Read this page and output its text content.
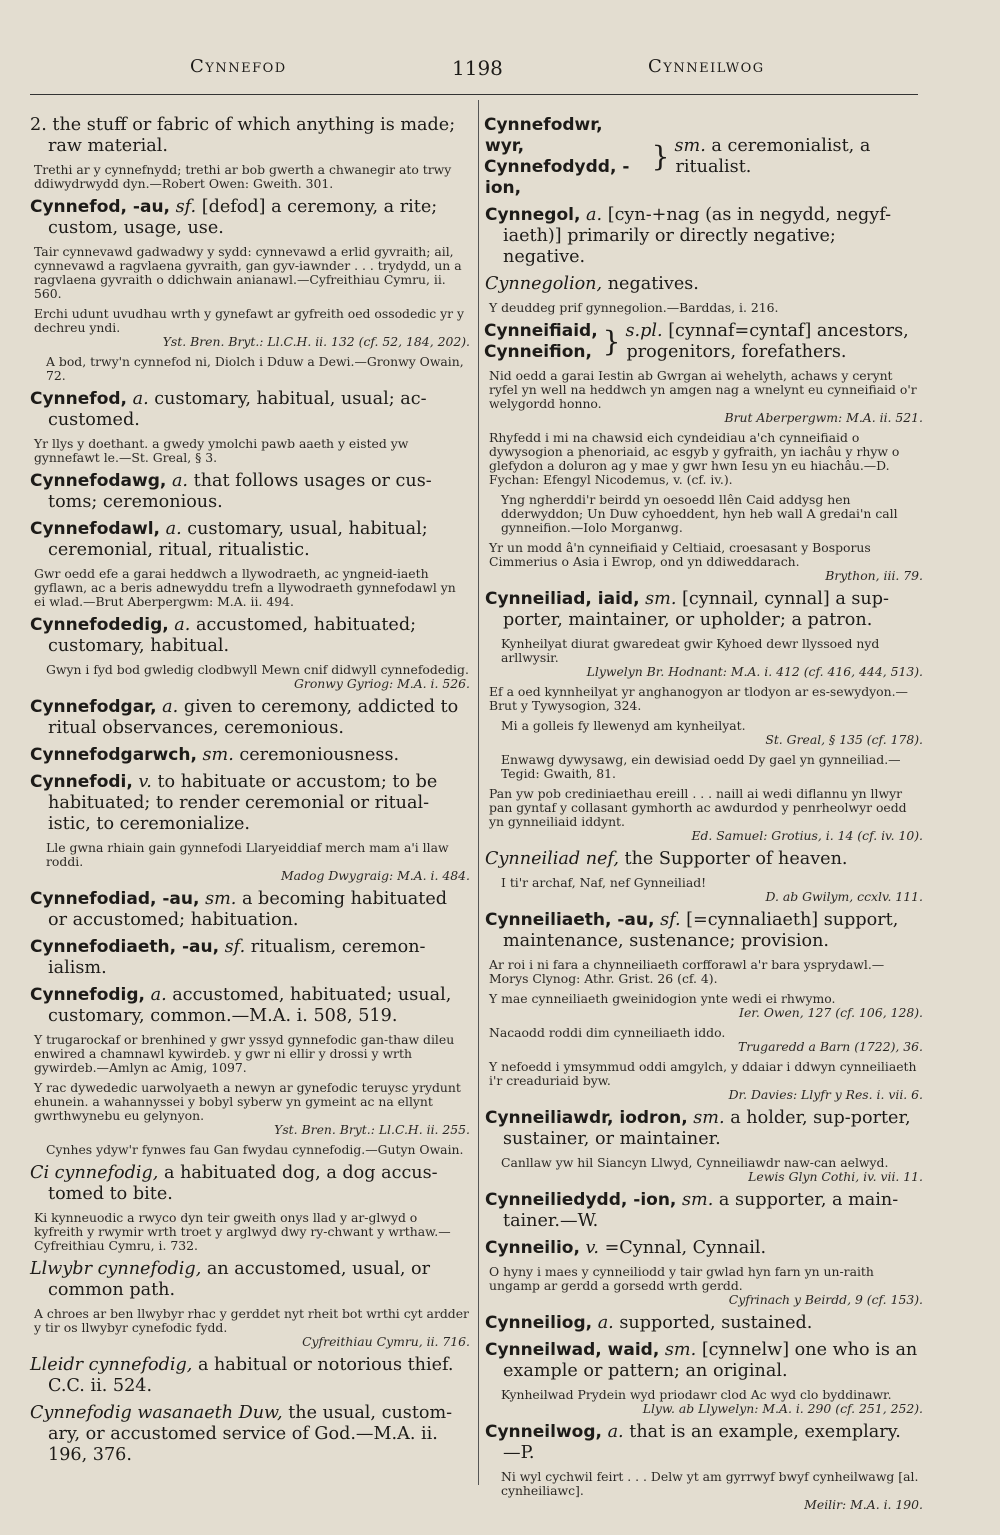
Cynnefod	1198	Cynneilwog
2. the stuff or fabric of which anything is made; raw material.
Trethi ar y cynnefnydd; trethi ar bob gwerth a chwanegir ato trwy ddiwydrwydd dyn.—Robert Owen: Gweith. 301.
Cynnefod, -au, sf. [defod] a ceremony, a rite; custom, usage, use.
Tair cynnevawd gadwadwy y sydd: cynnevawd a erlid gyvraith; ail, cynnevawd a ragvlaena gyvraith, gan gyv-iawnder . . . trydydd, un a ragvlaena gyvraith o ddichwain anianawl.—Cyfreithiau Cymru, ii. 560.
Erchi udunt uvudhau wrth y gynefawt ar gyfreith oed ossodedic yr y dechreu yndi.
Yst. Bren. Bryt.: Ll.C.H. ii. 132 (cf. 52, 184, 202).
A bod, trwy'n cynnefod ni, Diolch i Dduw a Dewi.—Gronwy Owain, 72.
Cynnefod, a. customary, habitual, usual; ac-customed.
Yr llys y doethant. a gwedy ymolchi pawb aaeth y eisted yw gynnefawt le.—St. Greal, § 3.
Cynnefodawg, a. that follows usages or cus-toms; ceremonious.
Cynnefodawl, a. customary, usual, habitual; ceremonial, ritual, ritualistic.
Gwr oedd efe a garai heddwch a llywodraeth, ac yngneid-iaeth gyflawn, ac a beris adnewyddu trefn a llywodraeth gynnefodawl yn ei wlad.—Brut Aberpergwm: M.A. ii. 494.
Cynnefodedig, a. accustomed, habituated; customary, habitual.
Gwyn i fyd bod gwledig clodbwyll Mewn cnif didwyll cynnefodedig.
Gronwy Gyriog: M.A. i. 526.
Cynnefodgar, a. given to ceremony, addicted to ritual observances, ceremonious.
Cynnefodgarwch, sm. ceremoniousness.
Cynnefodi, v. to habituate or accustom; to be habituated; to render ceremonial or ritual-istic, to ceremonialize.
Lle gwna rhiain gain gynnefodi Llaryeiddiaf merch mam a'i llaw roddi.
Madog Dwygraig: M.A. i. 484.
Cynnefodiad, -au, sm. a becoming habituated or accustomed; habituation.
Cynnefodiaeth, -au, sf. ritualism, ceremon-ialism.
Cynnefodig, a. accustomed, habituated; usual, customary, common.—M.A. i. 508, 519.
Y trugarockaf or brenhined y gwr yssyd gynnefodic gan-thaw dileu enwired a chamnawl kywirdeb. y gwr ni ellir y drossi y wrth gywirdeb.—Amlyn ac Amig, 1097.
Y rac dywededic uarwolyaeth a newyn ar gynefodic teruysc yrydunt ehunein. a wahannyssei y bobyl syberw yn gymeint ac na ellynt gwrthwynebu eu gelynyon.
Yst. Bren. Bryt.: Ll.C.H. ii. 255.
Cynhes ydyw'r fynwes fau Gan fwydau cynnefodig.—Gutyn Owain.
Ci cynnefodig, a habituated dog, a dog accus-tomed to bite.
Ki kynneuodic a rwyco dyn teir gweith onys llad y ar-glwyd o kyfreith y rwymir wrth troet y arglwyd dwy ry-chwant y wrthaw.—Cyfreithiau Cymru, i. 732.
Llwybr cynnefodig, an accustomed, usual, or common path.
A chroes ar ben llwybyr rhac y gerddet nyt rheit bot wrthi cyt ardder y tir os llwybyr cynefodic fydd.
Cyfreithiau Cymru, ii. 716.
Lleidr cynnefodig, a habitual or notorious thief. C.C. ii. 524.
Cynnefodig wasanaeth Duw, the usual, custom-ary, or accustomed service of God.—M.A. ii. 196, 376.
Cynnefodwr, wyr,
Cynnefodydd, -ion,
} sm. a ceremonialist, a ritualist.
Cynnegol, a. [cyn-+nag (as in negydd, negyf-iaeth)] primarily or directly negative; negative.
Cynnegolion, negatives.
Y deuddeg prif gynnegolion.—Barddas, i. 216.
Cynneifiaid,
Cynneifion, } s.pl. [cynnaf=cyntaf] ancestors, progenitors, forefathers.
Nid oedd a garai Iestin ab Gwrgan ai wehelyth, achaws y cerynt ryfel yn well na heddwch yn amgen nag a wnelynt eu cynneifiaid o'r welygordd honno.
Brut Aberpergwm: M.A. ii. 521.
Rhyfedd i mi na chawsid eich cyndeidiau a'ch cynneifiaid o dywysogion a phenoriaid, ac esgyb y gyfraith, yn iachâu y rhyw o glefydon a doluron ag y mae y gwr hwn Iesu yn eu hiachâu.—D. Fychan: Efengyl Nicodemus, v. (cf. iv.).
Yng ngherddi'r beirdd yn oesoedd llên Caid addysg hen dderwyddon; Un Duw cyhoeddent, hyn heb wall A gredai'n call gynneifion.—Iolo Morganwg.
Yr un modd â'n cynneifiaid y Celtiaid, croesasant y Bosporus Cimmerius o Asia i Ewrop, ond yn ddiweddarach.
Brython, iii. 79.
Cynneiliad, iaid, sm. [cynnail, cynnal] a sup-porter, maintainer, or upholder; a patron.
Kynheilyat diurat gwaredeat gwir Kyhoed dewr llyssoed nyd arllwysir.
Llywelyn Br. Hodnant: M.A. i. 412 (cf. 416, 444, 513).
Ef a oed kynnheilyat yr anghanogyon ar tlodyon ar es-sewydyon.—Brut y Tywysogion, 324.
Mi a golleis fy llewenyd am kynheilyat.
St. Greal, § 135 (cf. 178).
Enwawg dywysawg, ein dewisiad oedd Dy gael yn gynneiliad.—Tegid: Gwaith, 81.
Pan yw pob crediniaethau ereill . . . naill ai wedi diflannu yn llwyr pan gyntaf y collasant gymhorth ac awdurdod y penrheolwyr oedd yn gynneiliaid iddynt.
Ed. Samuel: Grotius, i. 14 (cf. iv. 10).
Cynneiliad nef, the Supporter of heaven.
I ti'r archaf, Naf, nef Gynneiliad!
D. ab Gwilym, ccxlv. 111.
Cynneiliaeth, -au, sf. [=cynnaliaeth] support, maintenance, sustenance; provision.
Ar roi i ni fara a chynneiliaeth corfforawl a'r bara ysprydawl.—Morys Clynog: Athr. Grist. 26 (cf. 4).
Y mae cynneiliaeth gweinidogion ynte wedi ei rhwymo.
Ier. Owen, 127 (cf. 106, 128).
Nacaodd roddi dim cynneiliaeth iddo.
Trugaredd a Barn (1722), 36.
Y nefoedd i ymsymmud oddi amgylch, y ddaiar i ddwyn cynneiliaeth i'r creaduriaid byw.
Dr. Davies: Llyfr y Res. i. vii. 6.
Cynneiliawdr, iodron, sm. a holder, sup-porter, sustainer, or maintainer.
Canllaw yw hil Siancyn Llwyd, Cynneiliawdr naw-can aelwyd.
Lewis Glyn Cothi, iv. vii. 11.
Cynneiliedydd, -ion, sm. a supporter, a main-tainer.—W.
Cynneilio, v. =Cynnal, Cynnail.
O hyny i maes y cynneiliodd y tair gwlad hyn farn yn un-raith ungamp ar gerdd a gorsedd wrth gerdd.
Cyfrinach y Beirdd, 9 (cf. 153).
Cynneiliog, a. supported, sustained.
Cynneilwad, waid, sm. [cynnelw] one who is an example or pattern; an original.
Kynheilwad Prydein wyd priodawr clod Ac wyd clo byddinawr.
Llyw. ab Llywelyn: M.A. i. 290 (cf. 251, 252).
Cynneilwog, a. that is an example, exemplary. —P.
Ni wyl cychwil feirt . . . Delw yt am gyrrwyf bwyf cynheilwawg [al. cynheiliawc].
Meilir: M.A. i. 190.
